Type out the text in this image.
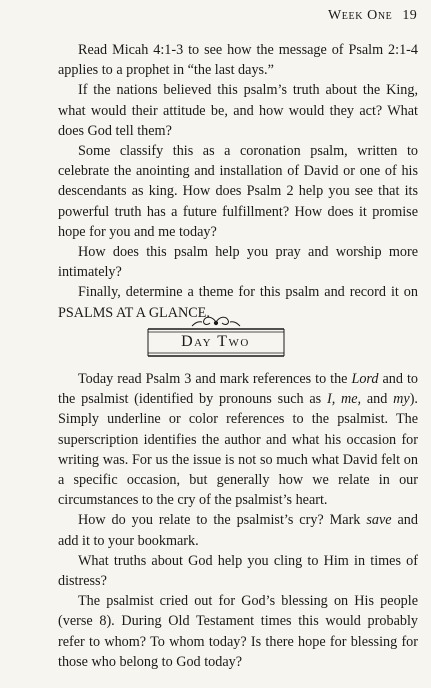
Week One 19

Read Micah 4:1-3 to see how the message of Psalm 2:1-4 applies to a prophet in “the last days.”

If the nations believed this psalm’s truth about the King, what would their attitude be, and how would they act? What does God tell them?

Some classify this as a coronation psalm, written to celebrate the anointing and installation of David or one of his descendants as king. How does Psalm 2 help you see that its powerful truth has a future fulfillment? How does it promise hope for you and me today?

How does this psalm help you pray and worship more intimately?

Finally, determine a theme for this psalm and record it on PSALMS AT A GLANCE.

Day Two

Today read Psalm 3 and mark references to the Lord and to the psalmist (identified by pronouns such as I, me, and my). Simply underline or color references to the psalmist. The superscription identifies the author and what his occasion for writing was. For us the issue is not so much what David felt on a specific occasion, but generally how we relate in our circumstances to the cry of the psalmist’s heart.

How do you relate to the psalmist’s cry? Mark save and add it to your bookmark.

What truths about God help you cling to Him in times of distress?

The psalmist cried out for God’s blessing on His people (verse 8). During Old Testament times this would probably refer to whom? To whom today? Is there hope for blessing for those who belong to God today?
